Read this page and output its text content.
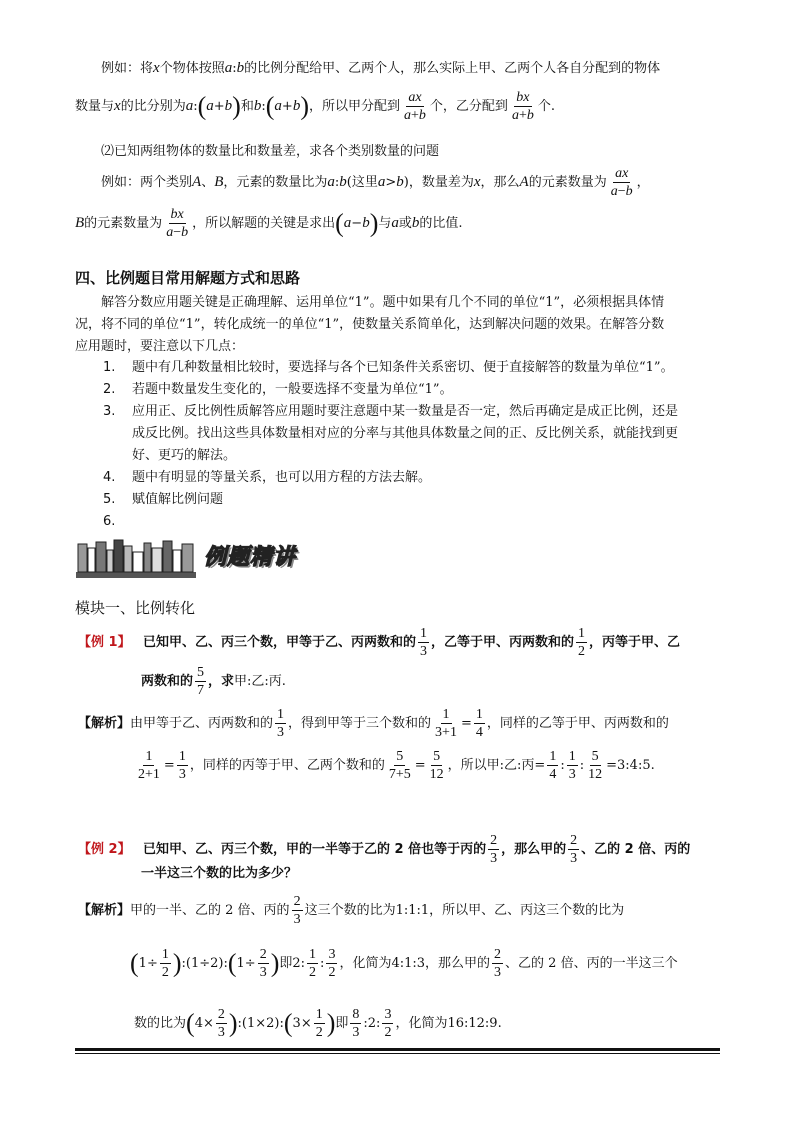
例如：将x个物体按照a:b的比例分配给甲、乙两个人，那么实际上甲、乙两个人各自分配到的物体
数量与x的比分别为a:(a+b)和b:(a+b)，所以甲分配到 $\frac{ax}{a+b}$ 个，乙分配到 $\frac{bx}{a+b}$ 个.
⑵已知两组物体的数量比和数量差，求各个类别数量的问题
例如：两个类别A、B，元素的数量比为a:b(这里a>b)，数量差为x，那么A的元素数量为 $\frac{ax}{a-b}$ ，
B的元素数量为 $\frac{bx}{a-b}$ ，所以解题的关键是求出(a−b)与a或b的比值.
四、比例题目常用解题方式和思路
解答分数应用题关键是正确理解、运用单位“1”。题中如果有几个不同的单位“1”，必须根据具体情
况，将不同的单位“1”，转化成统一的单位“1”，使数量关系简单化，达到解决问题的效果。在解答分数
应用题时，要注意以下几点：
1. 题中有几种数量相比较时，要选择与各个已知条件关系密切、便于直接解答的数量为单位“1”。
2. 若题中数量发生变化的，一般要选择不变量为单位“1”。
3. 应用正、反比例性质解答应用题时要注意题中某一数量是否一定，然后再确定是成正比例，还是
成反比例。找出这些具体数量相对应的分率与其他具体数量之间的正、反比例关系，就能找到更
好、更巧的解法。
4. 题中有明显的等量关系，也可以用方程的方法去解。
5. 赋值解比例问题
6.
例题精讲
模块一、比例转化
【例 1】 已知甲、乙、丙三个数，甲等于乙、丙两数和的 $\frac{1}{3}$ ，乙等于甲、丙两数和的 $\frac{1}{2}$ ，丙等于甲、乙
两数和的 $\frac{5}{7}$ ，求甲:乙:丙.
【解析】由甲等于乙、丙两数和的 $\frac{1}{3}$ ，得到甲等于三个数和的 $\frac{1}{3+1} = \frac{1}{4}$ ，同样的乙等于甲、丙两数和的
$\frac{1}{2+1} = \frac{1}{3}$ ，同样的丙等于甲、乙两个数和的 $\frac{5}{7+5} = \frac{5}{12}$ ，所以甲:乙:丙= $\frac{1}{4}$ : $\frac{1}{3}$ : $\frac{5}{12}$ =3:4:5.
【例 2】 已知甲、乙、丙三个数，甲的一半等于乙的 2 倍也等于丙的 $\frac{2}{3}$ ，那么甲的 $\frac{2}{3}$ 、乙的 2 倍、丙的
一半这三个数的比为多少？
【解析】甲的一半、乙的 2 倍、丙的 $\frac{2}{3}$ 这三个数的比为1:1:1，所以甲、乙、丙这三个数的比为
($1\div \frac{1}{2}$ ):(1÷2):(1÷ $\frac{2}{3}$ )即2: $\frac{1}{2}$ : $\frac{3}{2}$ ，化简为4:1:3，那么甲的 $\frac{2}{3}$ 、乙的 2 倍、丙的一半这三个
数的比为($4\times \frac{2}{3}$ ):(1×2):(3× $\frac{1}{2}$ )即 $\frac{8}{3}$ :2: $\frac{3}{2}$ ，化简为16:12:9.
